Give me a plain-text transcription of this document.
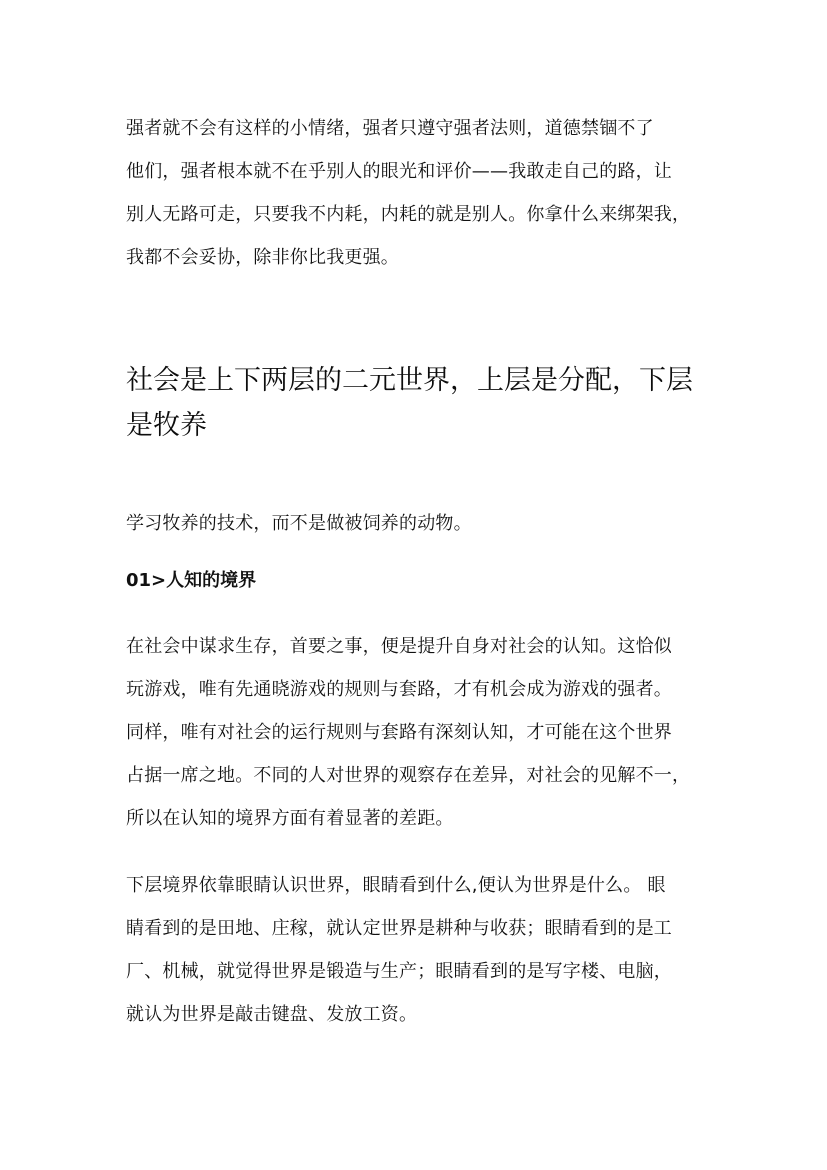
强者就不会有这样的小情绪，强者只遵守强者法则，道德禁锢不了
他们，强者根本就不在乎别人的眼光和评价——我敢走自己的路，让
别人无路可走，只要我不内耗，内耗的就是别人。你拿什么来绑架我，
我都不会妥协，除非你比我更强。

社会是上下两层的二元世界，上层是分配，下层
是牧养

学习牧养的技术，而不是做被饲养的动物。

01>人知的境界

在社会中谋求生存，首要之事，便是提升自身对社会的认知。这恰似
玩游戏，唯有先通晓游戏的规则与套路，才有机会成为游戏的强者。
同样，唯有对社会的运行规则与套路有深刻认知，才可能在这个世界
占据一席之地。不同的人对世界的观察存在差异，对社会的见解不一，
所以在认知的境界方面有着显著的差距。

下层境界依靠眼睛认识世界，眼睛看到什么,便认为世界是什么。 眼
睛看到的是田地、庄稼，就认定世界是耕种与收获；眼睛看到的是工
厂、机械，就觉得世界是锻造与生产；眼睛看到的是写字楼、电脑，
就认为世界是敲击键盘、发放工资。
